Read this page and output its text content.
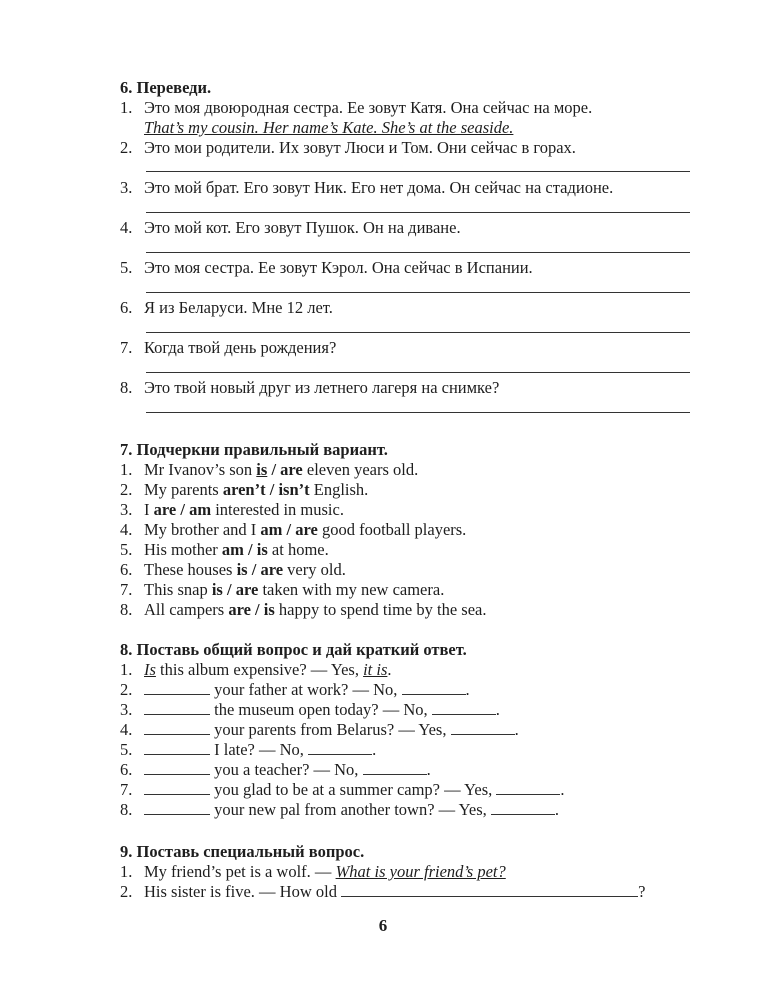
6. Переведи.
1. Это моя двоюродная сестра. Ее зовут Катя. Она сейчас на море.
That’s my cousin. Her name’s Kate. She’s at the seaside.
2. Это мои родители. Их зовут Люси и Том. Они сейчас в горах.
3. Это мой брат. Его зовут Ник. Его нет дома. Он сейчас на стадионе.
4. Это мой кот. Его зовут Пушок. Он на диване.
5. Это моя сестра. Ее зовут Кэрол. Она сейчас в Испании.
6. Я из Беларуси. Мне 12 лет.
7. Когда твой день рождения?
8. Это твой новый друг из летнего лагеря на снимке?
7. Подчеркни правильный вариант.
1. Mr Ivanov’s son is / are eleven years old.
2. My parents aren’t / isn’t English.
3. I are / am interested in music.
4. My brother and I am / are good football players.
5. His mother am / is at home.
6. These houses is / are very old.
7. This snap is / are taken with my new camera.
8. All campers are / is happy to spend time by the sea.
8. Поставь общий вопрос и дай краткий ответ.
1. Is this album expensive? — Yes, it is.
2.	your father at work? — No,	.
3.	the museum open today? — No,	.
4.	your parents from Belarus? — Yes,	.
5.	I late? — No,	.
6.	you a teacher? — No,	.
7.	you glad to be at a summer camp? — Yes,	.
8.	your new pal from another town? — Yes,	.
9. Поставь специальный вопрос.
1. My friend’s pet is a wolf. — What is your friend’s pet?
2. His sister is five. — How old	?
6
